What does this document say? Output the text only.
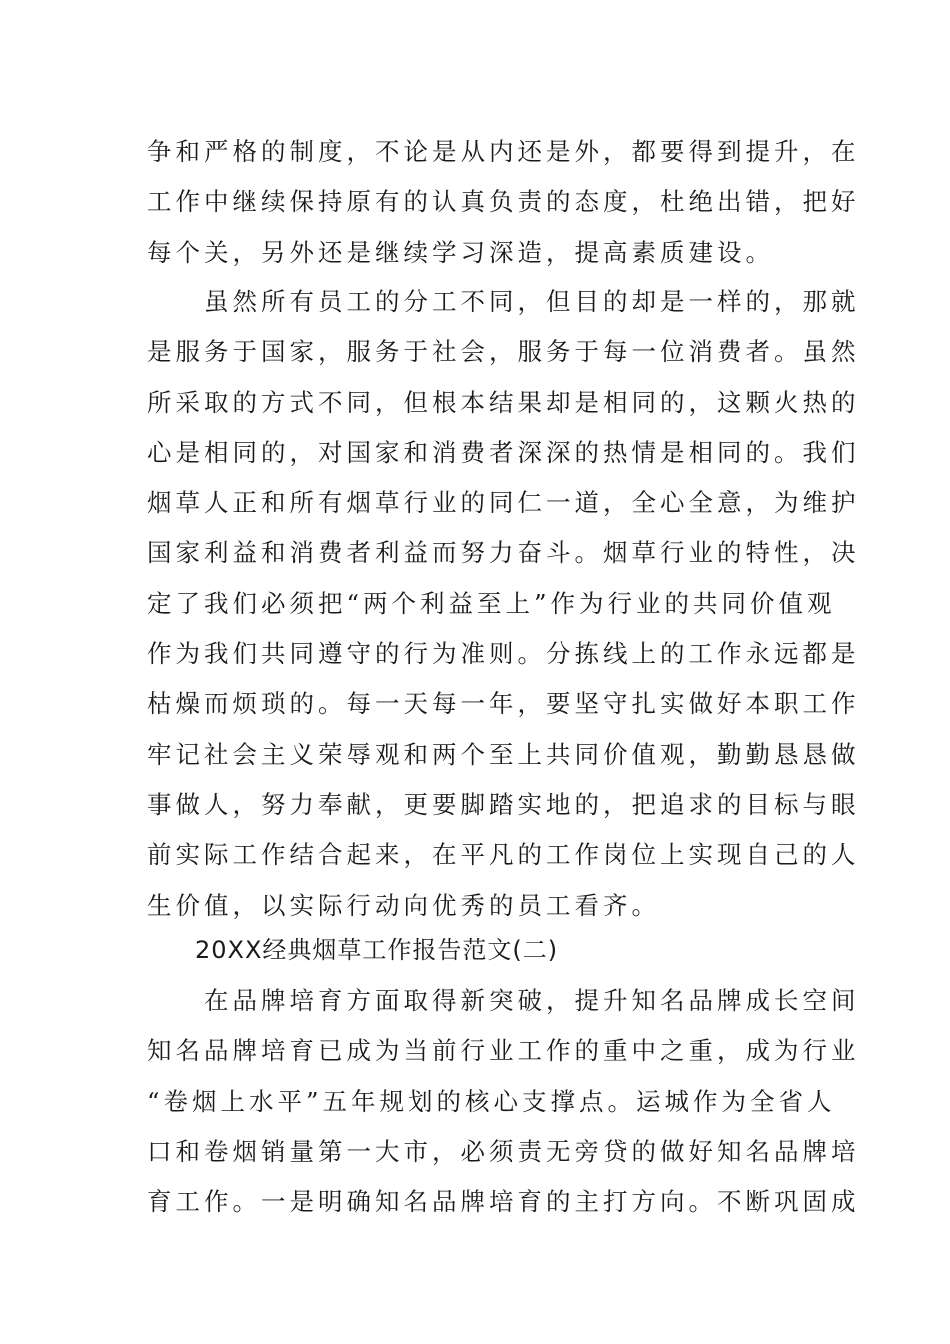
争和严格的制度，不论是从内还是外，都要得到提升，在
工作中继续保持原有的认真负责的态度，杜绝出错，把好
每个关，另外还是继续学习深造，提高素质建设。
　　虽然所有员工的分工不同，但目的却是一样的，那就
是服务于国家，服务于社会，服务于每一位消费者。虽然
所采取的方式不同，但根本结果却是相同的，这颗火热的
心是相同的，对国家和消费者深深的热情是相同的。我们
烟草人正和所有烟草行业的同仁一道，全心全意，为维护
国家利益和消费者利益而努力奋斗。烟草行业的特性，决
定了我们必须把“两个利益至上”作为行业的共同价值观
作为我们共同遵守的行为准则。分拣线上的工作永远都是
枯燥而烦琐的。每一天每一年，要坚守扎实做好本职工作
牢记社会主义荣辱观和两个至上共同价值观，勤勤恳恳做
事做人，努力奉献，更要脚踏实地的，把追求的目标与眼
前实际工作结合起来，在平凡的工作岗位上实现自己的人
生价值，以实际行动向优秀的员工看齐。
20XX经典烟草工作报告范文(二)
　　在品牌培育方面取得新突破，提升知名品牌成长空间
知名品牌培育已成为当前行业工作的重中之重，成为行业
“卷烟上水平”五年规划的核心支撑点。运城作为全省人
口和卷烟销量第一大市，必须责无旁贷的做好知名品牌培
育工作。一是明确知名品牌培育的主打方向。不断巩固成
